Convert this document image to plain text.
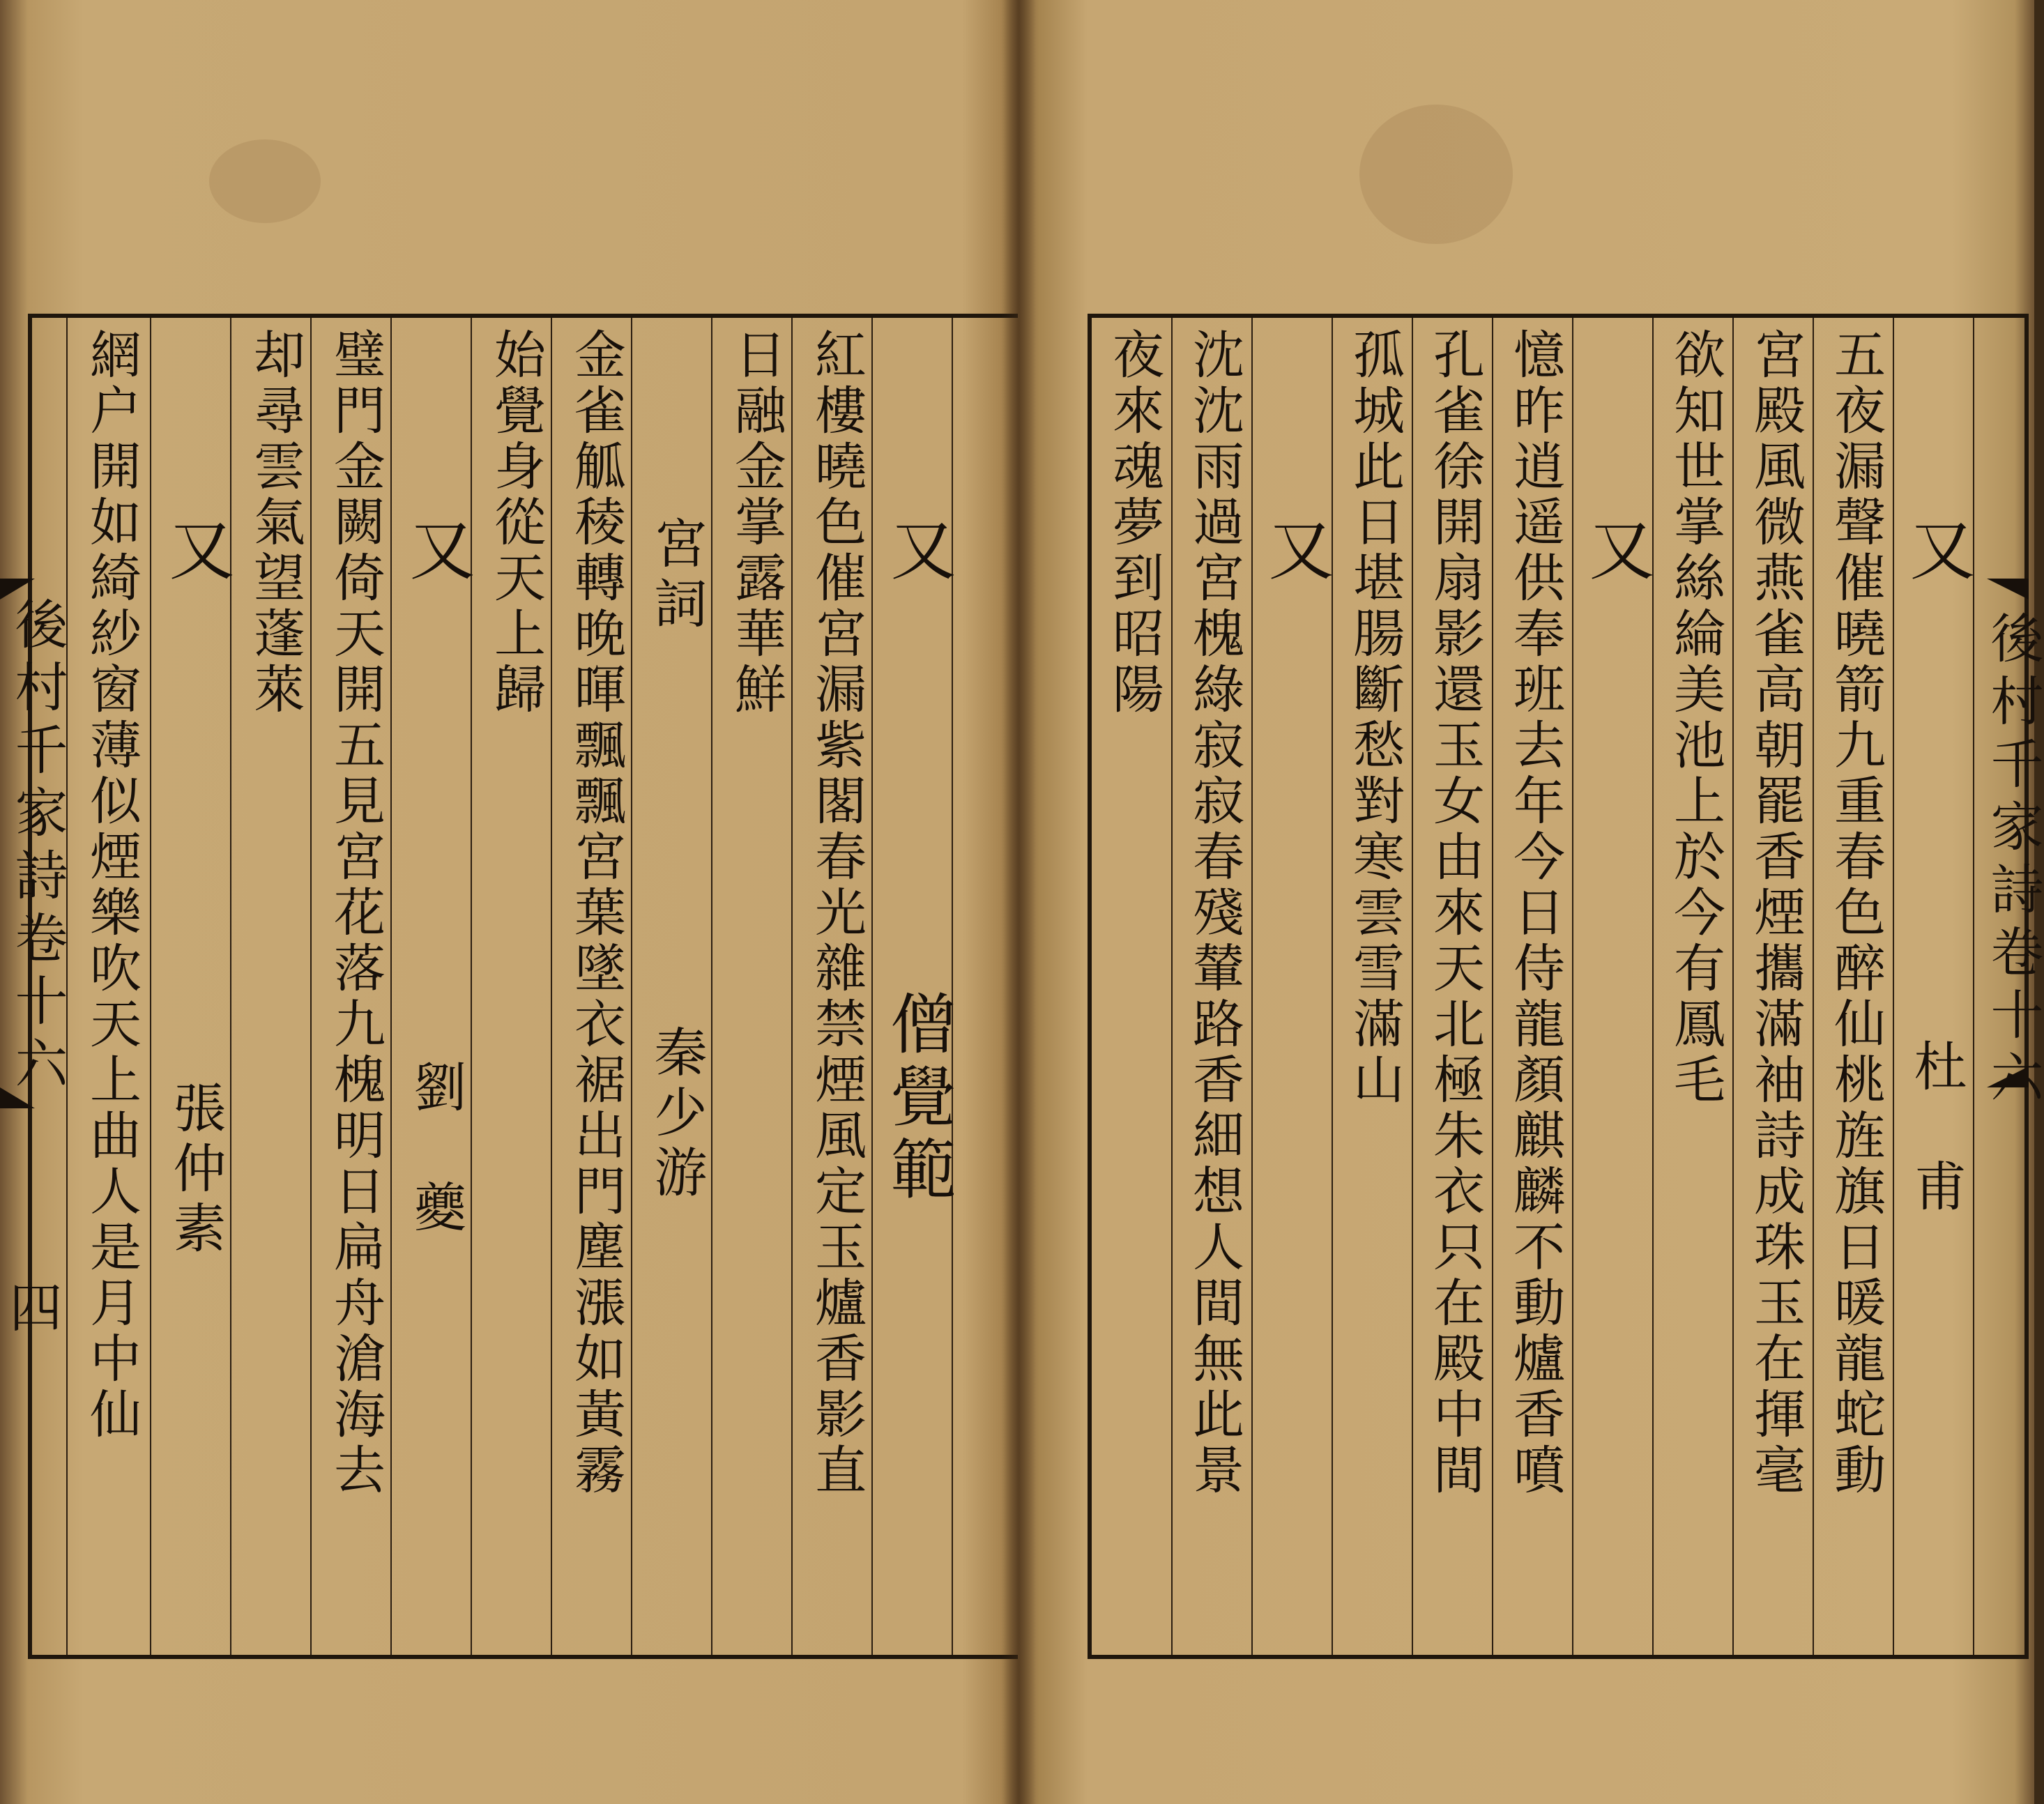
後村千家詩卷十六
四
又
僧覺範
紅樓曉色催宮漏紫閣春光雜禁煙風定玉爐香影直
日融金掌露華鮮
宮詞
秦少游
金雀觚稜轉晚暉飄飄宮葉墜衣裾出門塵漲如黃霧
始覺身從天上歸
又
劉　夔
璧門金闕倚天開五見宮花落九槐明日扁舟滄海去
却尋雲氣望蓬萊
又
張仲素
網户開如綺紗窗薄似煙樂吹天上曲人是月中仙	後村千家詩卷十六
又
杜　甫
五夜漏聲催曉箭九重春色醉仙桃旌旗日暖龍蛇動
宮殿風微燕雀高朝罷香煙攜滿袖詩成珠玉在揮毫
欲知世掌絲綸美池上於今有鳳毛
又
憶昨逍遥供奉班去年今日侍龍顏麒麟不動爐香噴
孔雀徐開扇影還玉女由來天北極朱衣只在殿中間
孤城此日堪腸斷愁對寒雲雪滿山
又
沈沈雨過宮槐綠寂寂春殘輦路香細想人間無此景
夜來魂夢到昭陽
